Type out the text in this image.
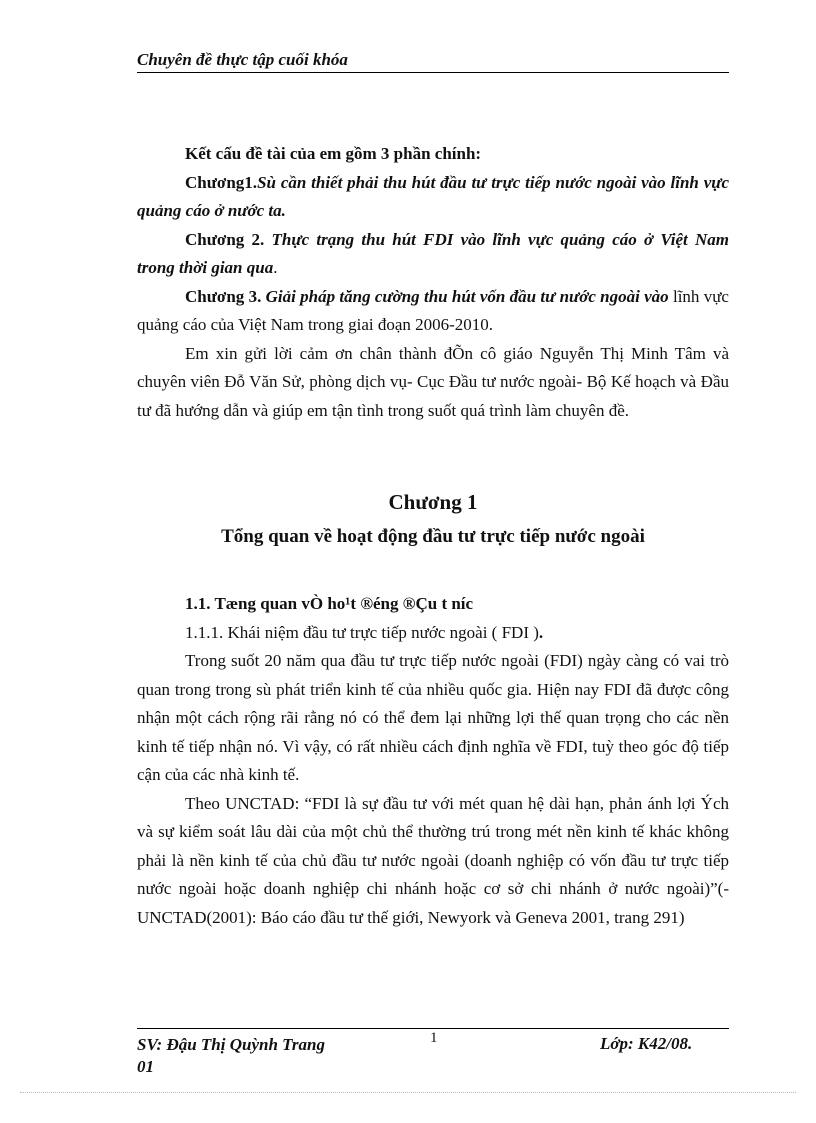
Chuyên đề thực tập cuối khóa

Kết cấu đề tài của em gồm 3 phần chính:

Chương1.Sù cần thiết phải thu hút đầu tư trực tiếp nước ngoài vào lĩnh vực quảng cáo ở nước ta.

Chương 2. Thực trạng thu hút FDI vào lĩnh vực quảng cáo ở Việt Nam trong thời gian qua.

Chương 3. Giải pháp tăng cường thu hút vốn đầu tư nước ngoài vào lĩnh vực quảng cáo của Việt Nam trong giai đoạn 2006-2010.

Em xin gửi lời cảm ơn chân thành đÕn cô giáo Nguyễn Thị Minh Tâm và chuyên viên Đỗ Văn Sử, phòng dịch vụ- Cục Đầu tư nước ngoài- Bộ Kế hoạch và Đầu tư đã hướng dẫn và giúp em tận tình trong suốt quá trình làm chuyên đề.

Chương 1
Tổng quan về hoạt động đầu tư trực tiếp nước ngoài

1.1. Tæng quan vÒ ho¹t ®éng ®Çu t níc

1.1.1. Khái niệm đầu tư trực tiếp nước ngoài ( FDI ).

Trong suốt 20 năm qua đầu tư trực tiếp nước ngoài (FDI) ngày càng có vai trò quan trong trong sù phát triển kinh tế của nhiều quốc gia. Hiện nay FDI đã được công nhận một cách rộng rãi rằng nó có thể đem lại những lợi thế quan trọng cho các nền kinh tế tiếp nhận nó. Vì vậy, có rất nhiều cách định nghĩa về FDI, tuỳ theo góc độ tiếp cận của các nhà kinh tế.

Theo UNCTAD: “FDI là sự đầu tư với mét quan hệ dài hạn, phản ánh lợi Ých và sự kiểm soát lâu dài của một chủ thể thường trú trong mét nền kinh tế khác không phải là nền kinh tế của chủ đầu tư nước ngoài (doanh nghiệp có vốn đầu tư trực tiếp nước ngoài hoặc doanh nghiệp chi nhánh hoặc cơ sở chi nhánh ở nước ngoài)”(-UNCTAD(2001): Báo cáo đầu tư thế giới, Newyork và Geneva 2001, trang 291)

SV: Đậu Thị Quỳnh Trang
01
1	Lớp: K42/08.
